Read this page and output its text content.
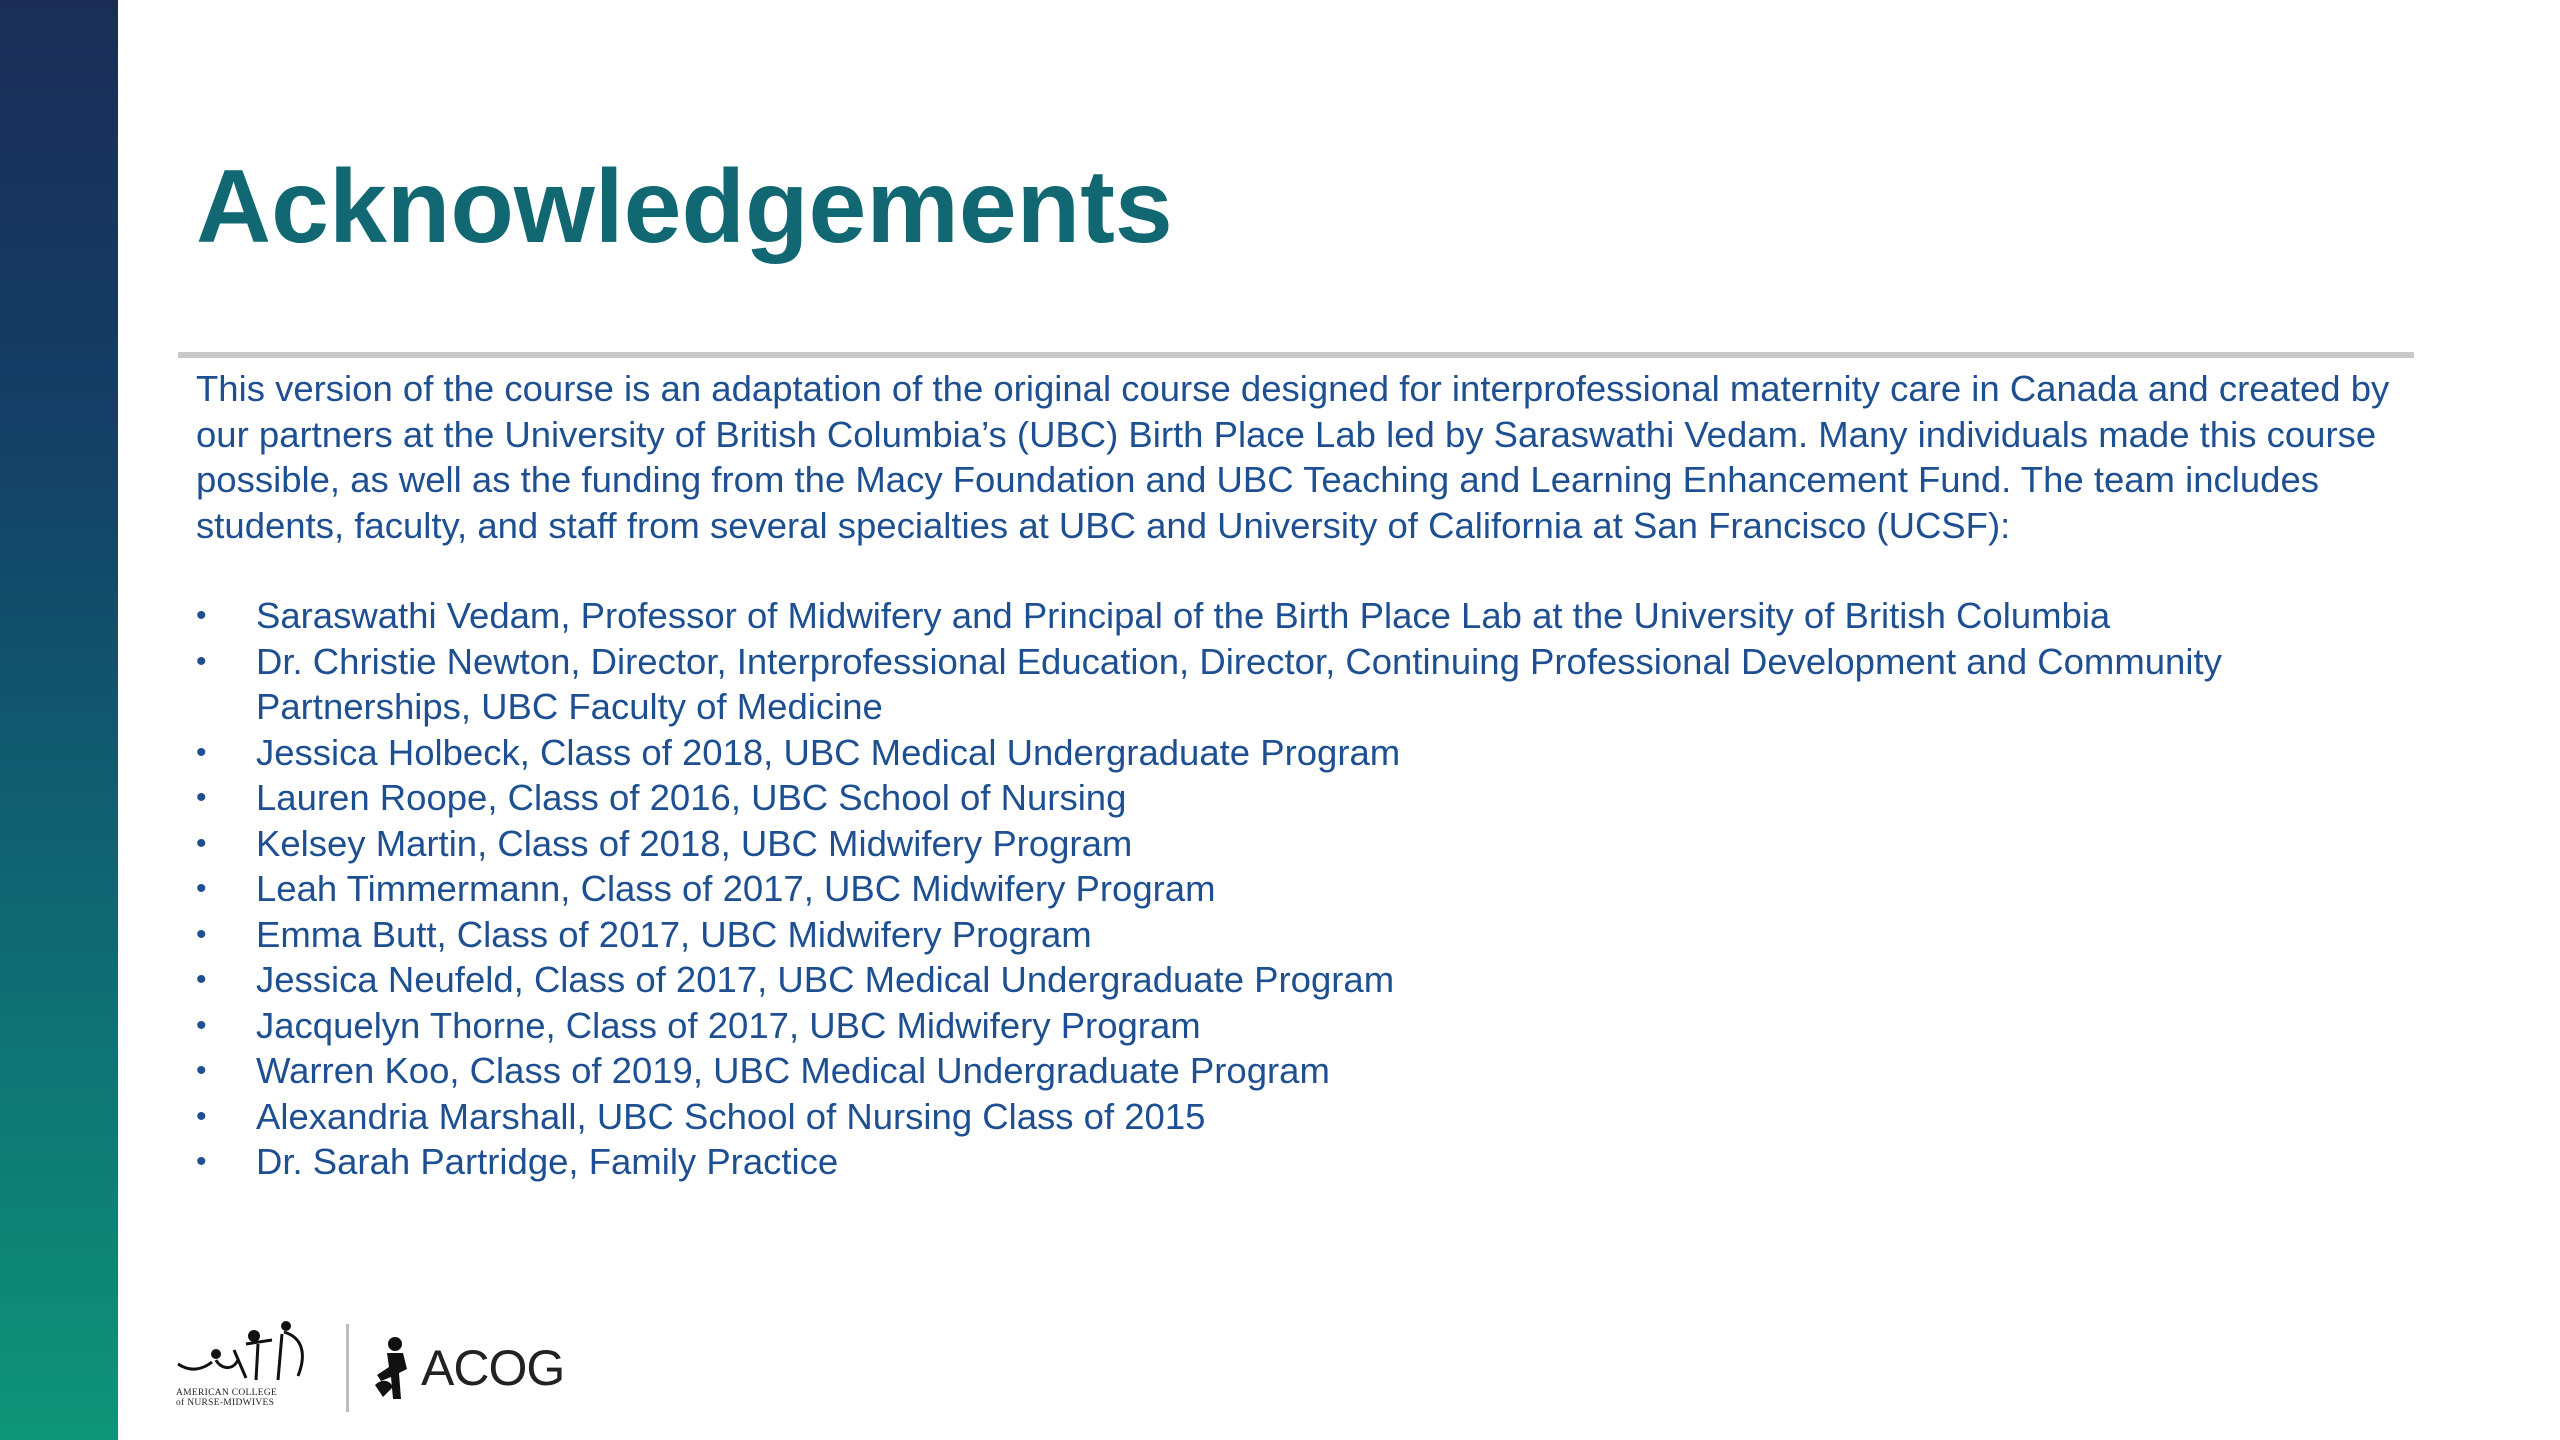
Acknowledgements

This version of the course is an adaptation of the original course designed for interprofessional maternity care in Canada and created by our partners at the University of British Columbia’s (UBC) Birth Place Lab led by Saraswathi Vedam. Many individuals made this course possible, as well as the funding from the Macy Foundation and UBC Teaching and Learning Enhancement Fund. The team includes students, faculty, and staff from several specialties at UBC and University of California at San Francisco (UCSF):

•	Saraswathi Vedam, Professor of Midwifery and Principal of the Birth Place Lab at the University of British Columbia
•	Dr. Christie Newton, Director, Interprofessional Education, Director, Continuing Professional Development and Community Partnerships, UBC Faculty of Medicine
•	Jessica Holbeck, Class of 2018, UBC Medical Undergraduate Program
•	Lauren Roope, Class of 2016, UBC School of Nursing
•	Kelsey Martin, Class of 2018, UBC Midwifery Program
•	Leah Timmermann, Class of 2017, UBC Midwifery Program
•	Emma Butt, Class of 2017, UBC Midwifery Program
•	Jessica Neufeld, Class of 2017, UBC Medical Undergraduate Program
•	Jacquelyn Thorne, Class of 2017, UBC Midwifery Program
•	Warren Koo, Class of 2019, UBC Medical Undergraduate Program
•	Alexandria Marshall, UBC School of Nursing Class of 2015
•	Dr. Sarah Partridge, Family Practice
AMERICAN COLLEGE
of NURSE-MIDWIVES
ACOG
